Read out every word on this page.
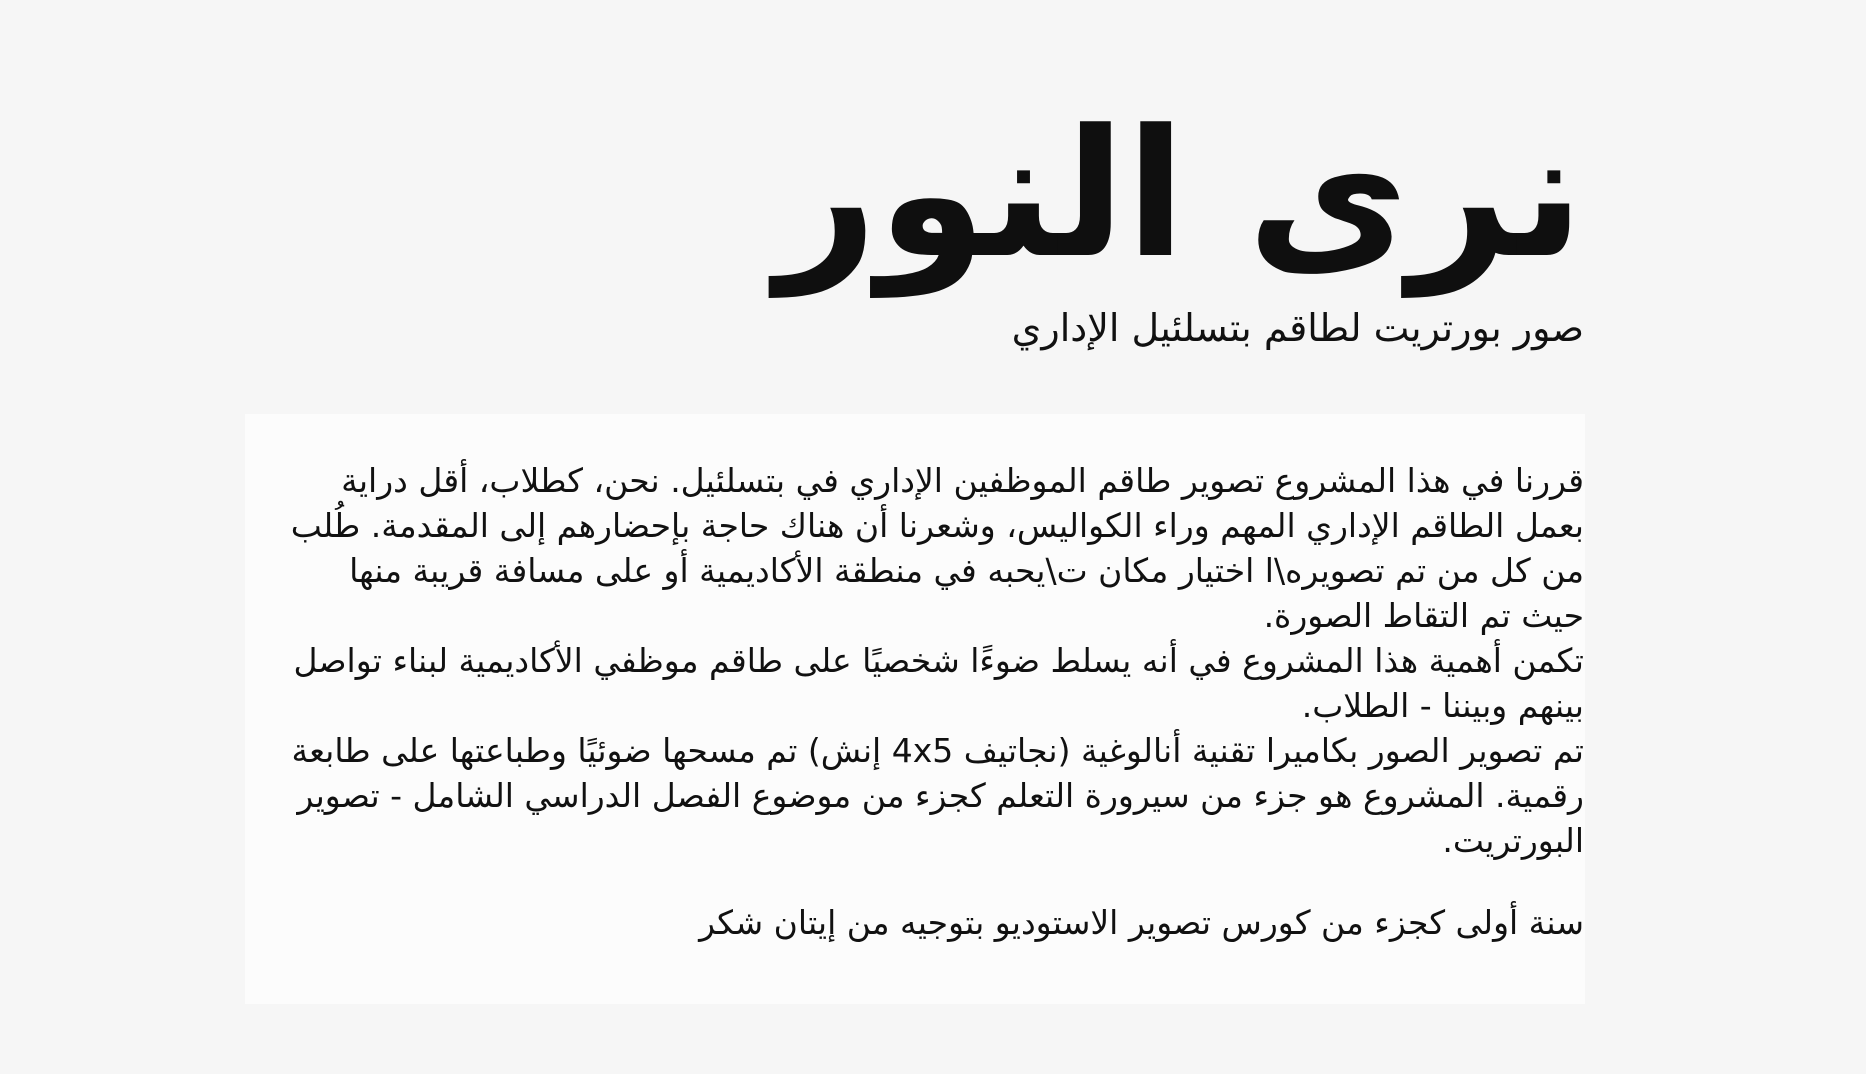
نرى النور
صور بورتريت لطاقم بتسلئيل الإداري

قررنا في هذا المشروع تصوير طاقم الموظفين الإداري في بتسلئيل. نحن، كطلاب، أقل دراية بعمل الطاقم الإداري المهم وراء الكواليس، وشعرنا أن هناك حاجة بإحضارهم إلى المقدمة. طُلب من كل من تم تصويره\ا اختيار مكان ت\يحبه في منطقة الأكاديمية أو على مسافة قريبة منها حيث تم التقاط الصورة.

تكمن أهمية هذا المشروع في أنه يسلط ضوءًا شخصيًا على طاقم موظفي الأكاديمية لبناء تواصل بينهم وبيننا - الطلاب.

تم تصوير الصور بكاميرا تقنية أنالوغية (نجاتيف 4x5 إنش) تم مسحها ضوئيًا وطباعتها على طابعة رقمية. المشروع هو جزء من سيرورة التعلم كجزء من موضوع الفصل الدراسي الشامل - تصوير البورتريت.

سنة أولى كجزء من كورس تصوير الاستوديو بتوجيه من إيتان شكر
